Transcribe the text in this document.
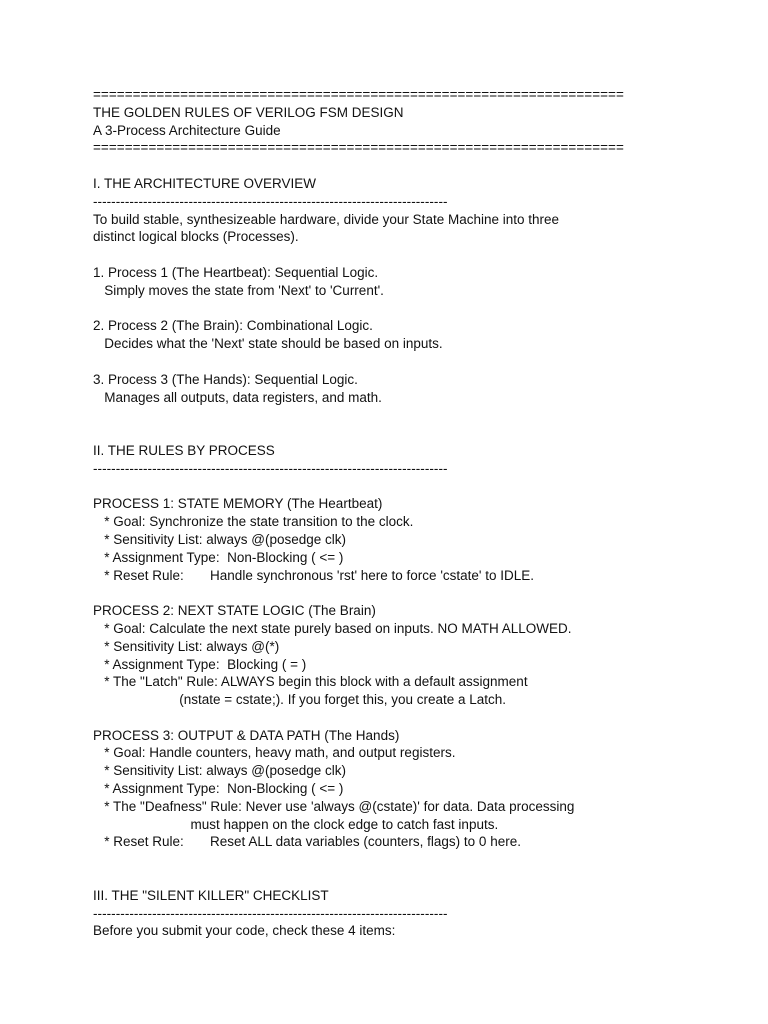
===================================================================
THE GOLDEN RULES OF VERILOG FSM DESIGN
A 3-Process Architecture Guide
===================================================================
I. THE ARCHITECTURE OVERVIEW
------------------------------------------------------------------------------
To build stable, synthesizeable hardware, divide your State Machine into three
distinct logical blocks (Processes).
1. Process 1 (The Heartbeat): Sequential Logic.
Simply moves the state from 'Next' to 'Current'.
2. Process 2 (The Brain): Combinational Logic.
Decides what the 'Next' state should be based on inputs.
3. Process 3 (The Hands): Sequential Logic.
Manages all outputs, data registers, and math.
II. THE RULES BY PROCESS
------------------------------------------------------------------------------
PROCESS 1: STATE MEMORY (The Heartbeat)
* Goal: Synchronize the state transition to the clock.
* Sensitivity List: always @(posedge clk)
* Assignment Type:  Non-Blocking ( <= )
* Reset Rule:       Handle synchronous 'rst' here to force 'cstate' to IDLE.
PROCESS 2: NEXT STATE LOGIC (The Brain)
* Goal: Calculate the next state purely based on inputs. NO MATH ALLOWED.
* Sensitivity List: always @(*)
* Assignment Type:  Blocking ( = )
* The "Latch" Rule: ALWAYS begin this block with a default assignment
(nstate = cstate;). If you forget this, you create a Latch.
PROCESS 3: OUTPUT & DATA PATH (The Hands)
* Goal: Handle counters, heavy math, and output registers.
* Sensitivity List: always @(posedge clk)
* Assignment Type:  Non-Blocking ( <= )
* The "Deafness" Rule: Never use 'always @(cstate)' for data. Data processing
must happen on the clock edge to catch fast inputs.
* Reset Rule:       Reset ALL data variables (counters, flags) to 0 here.
III. THE "SILENT KILLER" CHECKLIST
------------------------------------------------------------------------------
Before you submit your code, check these 4 items:
